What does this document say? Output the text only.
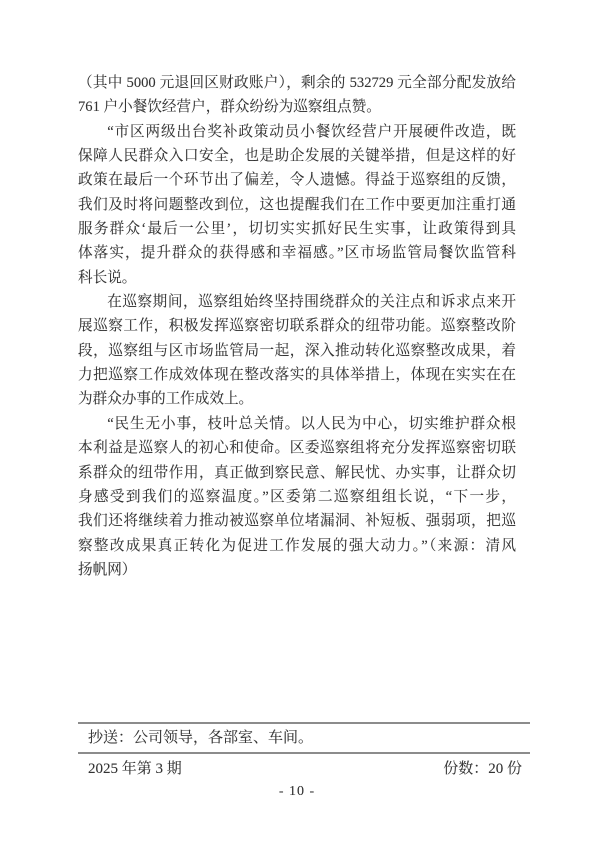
（其中 5000 元退回区财政账户），剩余的 532729 元全部分配发放给
761 户小餐饮经营户，群众纷纷为巡察组点赞。
“市区两级出台奖补政策动员小餐饮经营户开展硬件改造，既
保障人民群众入口安全，也是助企发展的关键举措，但是这样的好
政策在最后一个环节出了偏差，令人遗憾。得益于巡察组的反馈，
我们及时将问题整改到位，这也提醒我们在工作中要更加注重打通
服务群众‘最后一公里’，切切实实抓好民生实事，让政策得到具
体落实，提升群众的获得感和幸福感。”区市场监管局餐饮监管科
科长说。
在巡察期间，巡察组始终坚持围绕群众的关注点和诉求点来开
展巡察工作，积极发挥巡察密切联系群众的纽带功能。巡察整改阶
段，巡察组与区市场监管局一起，深入推动转化巡察整改成果，着
力把巡察工作成效体现在整改落实的具体举措上，体现在实实在在
为群众办事的工作成效上。
“民生无小事，枝叶总关情。以人民为中心，切实维护群众根
本利益是巡察人的初心和使命。区委巡察组将充分发挥巡察密切联
系群众的纽带作用，真正做到察民意、解民忧、办实事，让群众切
身感受到我们的巡察温度。”区委第二巡察组组长说，“下一步，
我们还将继续着力推动被巡察单位堵漏洞、补短板、强弱项，把巡
察整改成果真正转化为促进工作发展的强大动力。”（来源：清风
扬帆网）
抄送：公司领导，各部室、车间。
2025 年第 3 期	份数：20 份
- 10 -
